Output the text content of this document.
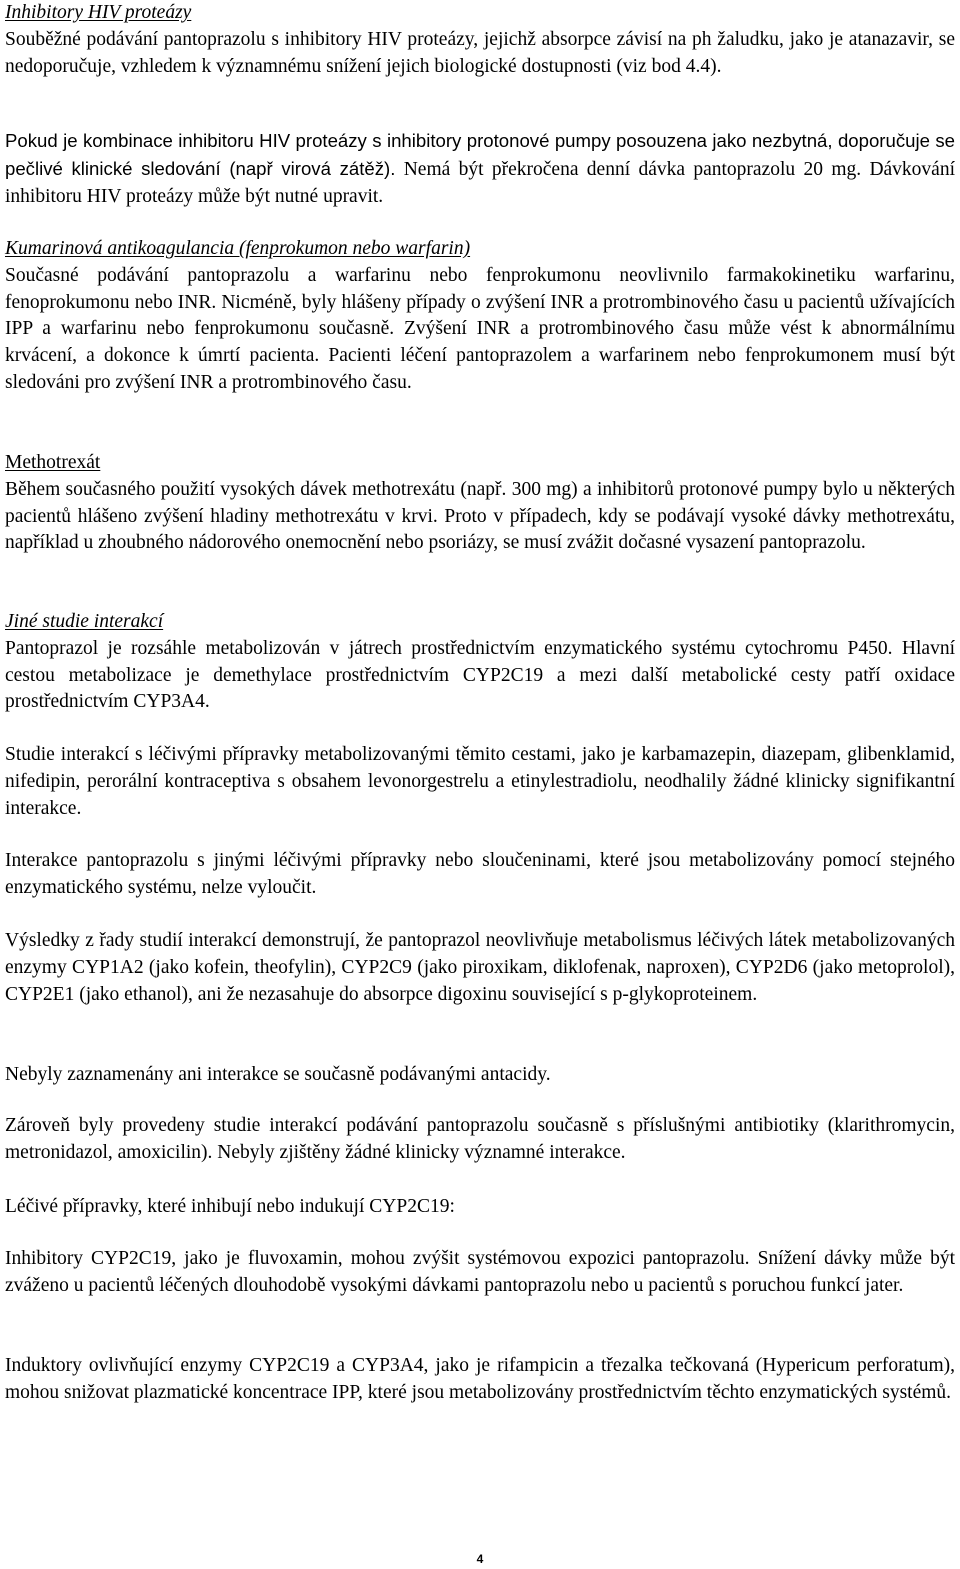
Inhibitory HIV proteázy

Souběžné podávání pantoprazolu s inhibitory HIV proteázy, jejichž absorpce závisí na ph žaludku, jako je atanazavir, se nedoporučuje, vzhledem k významnému snížení jejich biologické dostupnosti (viz bod 4.4).

Pokud je kombinace inhibitoru HIV proteázy s inhibitory protonové pumpy posouzena jako nezbytná, doporučuje se pečlivé klinické sledování (např virová zátěž). Nemá být překročena denní dávka pantoprazolu 20 mg. Dávkování inhibitoru HIV proteázy může být nutné upravit.

Kumarinová antikoagulancia (fenprokumon nebo warfarin)

Současné podávání pantoprazolu a warfarinu nebo fenprokumonu neovlivnilo farmakokinetiku warfarinu, fenoprokumonu nebo INR. Nicméně, byly hlášeny případy o zvýšení INR a protrombinového času u pacientů užívajících IPP a warfarinu nebo fenprokumonu současně. Zvýšení INR a protrombinového času může vést k abnormálnímu krvácení, a dokonce k úmrtí pacienta. Pacienti léčení pantoprazolem a warfarinem nebo fenprokumonem musí být sledováni pro zvýšení INR a protrombinového času.

Methotrexát

Během současného použití vysokých dávek methotrexátu (např. 300 mg) a inhibitorů protonové pumpy bylo u některých pacientů hlášeno zvýšení hladiny methotrexátu v krvi. Proto v případech, kdy se podávají vysoké dávky methotrexátu, například u zhoubného nádorového onemocnění nebo psoriázy, se musí zvážit dočasné vysazení pantoprazolu.

Jiné studie interakcí

Pantoprazol je rozsáhle metabolizován v játrech prostřednictvím enzymatického systému cytochromu P450. Hlavní cestou metabolizace je demethylace prostřednictvím CYP2C19 a mezi další metabolické cesty patří oxidace prostřednictvím CYP3A4.

Studie interakcí s léčivými přípravky metabolizovanými těmito cestami, jako je karbamazepin, diazepam, glibenklamid, nifedipin, perorální kontraceptiva s obsahem levonorgestrelu a etinylestradiolu, neodhalily žádné klinicky signifikantní interakce.

Interakce pantoprazolu s jinými léčivými přípravky nebo sloučeninami, které jsou metabolizovány pomocí stejného enzymatického systému, nelze vyloučit.

Výsledky z řady studií interakcí demonstrují, že pantoprazol neovlivňuje metabolismus léčivých látek metabolizovaných enzymy CYP1A2 (jako kofein, theofylin), CYP2C9 (jako piroxikam, diklofenak, naproxen), CYP2D6 (jako metoprolol), CYP2E1 (jako ethanol), ani že nezasahuje do absorpce digoxinu související s p-glykoproteinem.

Nebyly zaznamenány ani interakce se současně podávanými antacidy.

Zároveň byly provedeny studie interakcí podávání pantoprazolu současně s příslušnými antibiotiky (klarithromycin, metronidazol, amoxicilin). Nebyly zjištěny žádné klinicky významné interakce.

Léčivé přípravky, které inhibují nebo indukují CYP2C19:

Inhibitory CYP2C19, jako je fluvoxamin, mohou zvýšit systémovou expozici pantoprazolu. Snížení dávky může být zváženo u pacientů léčených dlouhodobě vysokými dávkami pantoprazolu nebo u pacientů s poruchou funkcí jater.

Induktory ovlivňující enzymy CYP2C19 a CYP3A4, jako je rifampicin a třezalka tečkovaná (Hypericum perforatum), mohou snižovat plazmatické koncentrace IPP, které jsou metabolizovány prostřednictvím těchto enzymatických systémů.

4
